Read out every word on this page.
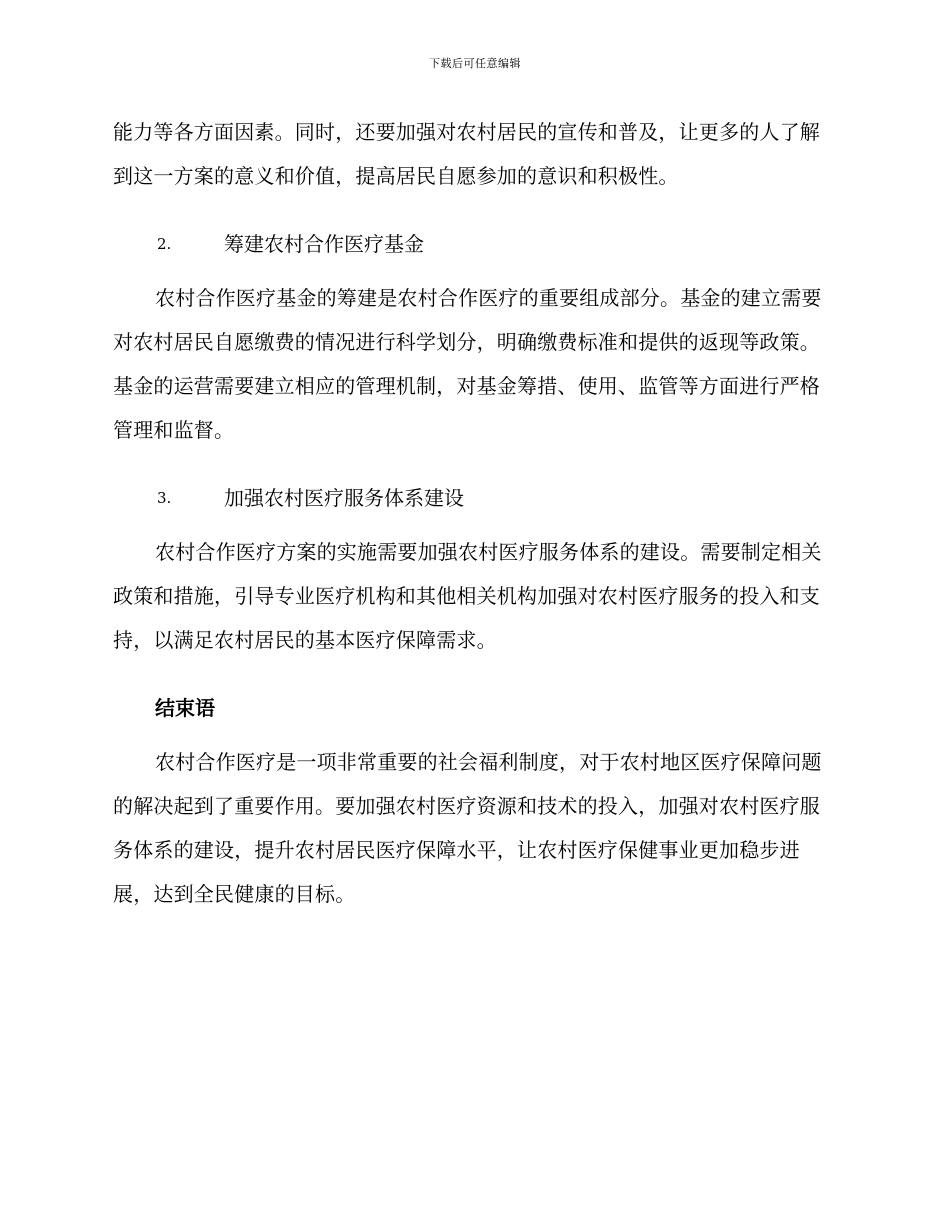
下载后可任意编辑

能力等各方面因素。同时，还要加强对农村居民的宣传和普及，让更多的人了解到这一方案的意义和价值，提高居民自愿参加的意识和积极性。

2.	筹建农村合作医疗基金

农村合作医疗基金的筹建是农村合作医疗的重要组成部分。基金的建立需要对农村居民自愿缴费的情况进行科学划分，明确缴费标准和提供的返现等政策。基金的运营需要建立相应的管理机制，对基金筹措、使用、监管等方面进行严格管理和监督。

3.	加强农村医疗服务体系建设

农村合作医疗方案的实施需要加强农村医疗服务体系的建设。需要制定相关政策和措施，引导专业医疗机构和其他相关机构加强对农村医疗服务的投入和支持，以满足农村居民的基本医疗保障需求。

结束语

农村合作医疗是一项非常重要的社会福利制度，对于农村地区医疗保障问题的解决起到了重要作用。要加强农村医疗资源和技术的投入，加强对农村医疗服务体系的建设，提升农村居民医疗保障水平，让农村医疗保健事业更加稳步进展，达到全民健康的目标。
